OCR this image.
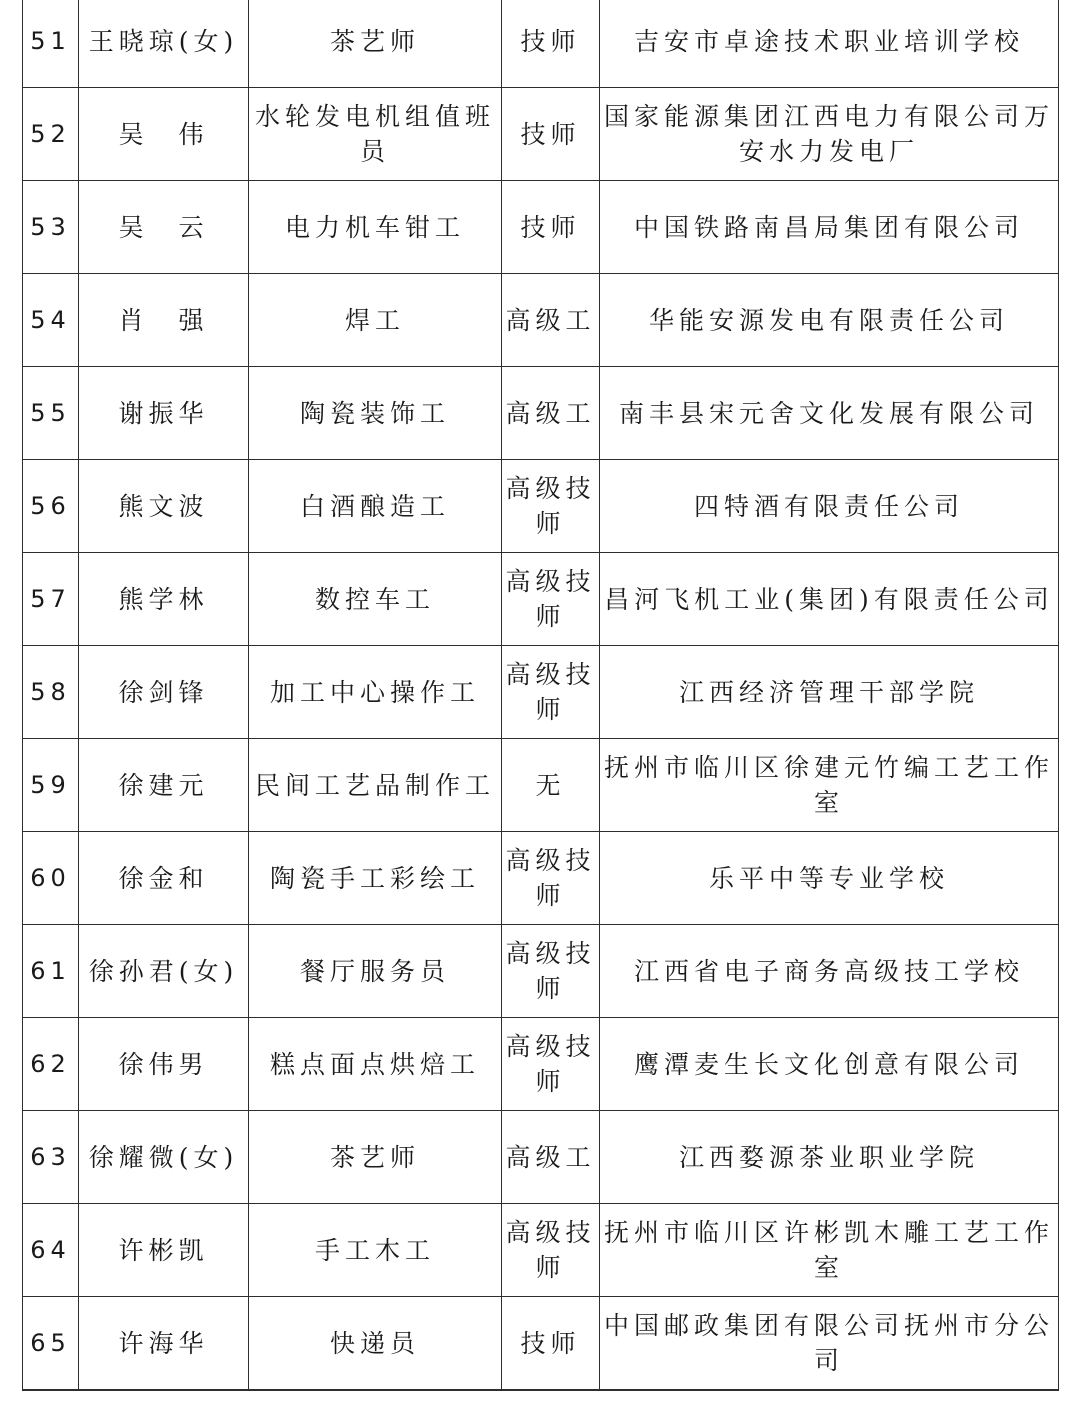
51	王晓琼(女)	茶艺师	技师	吉安市卓途技术职业培训学校
52	吴　伟	水轮发电机组值班员	技师	国家能源集团江西电力有限公司万安水力发电厂
53	吴　云	电力机车钳工	技师	中国铁路南昌局集团有限公司
54	肖　强	焊工	高级工	华能安源发电有限责任公司
55	谢振华	陶瓷装饰工	高级工	南丰县宋元舍文化发展有限公司
56	熊文波	白酒酿造工	高级技师	四特酒有限责任公司
57	熊学林	数控车工	高级技师	昌河飞机工业(集团)有限责任公司
58	徐剑锋	加工中心操作工	高级技师	江西经济管理干部学院
59	徐建元	民间工艺品制作工	无	抚州市临川区徐建元竹编工艺工作室
60	徐金和	陶瓷手工彩绘工	高级技师	乐平中等专业学校
61	徐孙君(女)	餐厅服务员	高级技师	江西省电子商务高级技工学校
62	徐伟男	糕点面点烘焙工	高级技师	鹰潭麦生长文化创意有限公司
63	徐耀微(女)	茶艺师	高级工	江西婺源茶业职业学院
64	许彬凯	手工木工	高级技师	抚州市临川区许彬凯木雕工艺工作室
65	许海华	快递员	技师	中国邮政集团有限公司抚州市分公司
